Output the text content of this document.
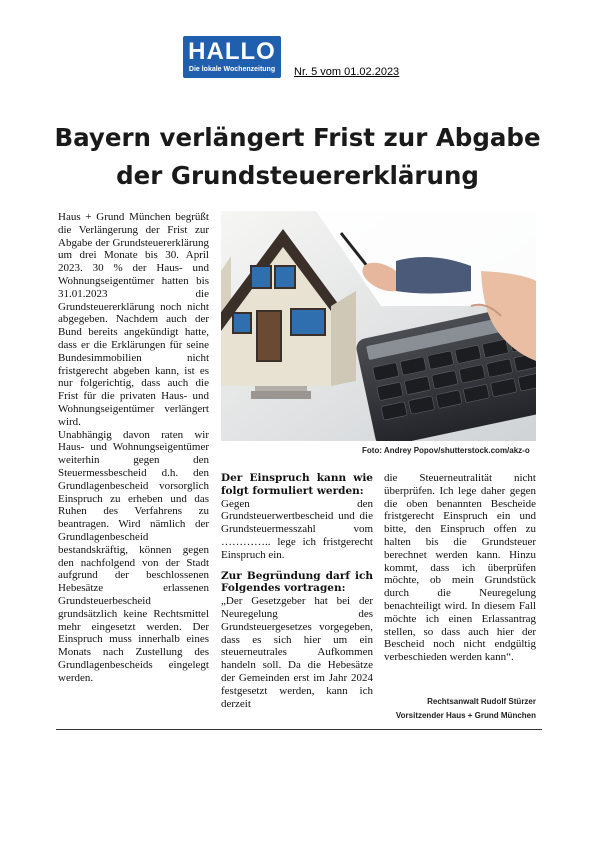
HALLO
Die lokale Wochenzeitung	Nr. 5 vom 01.02.2023
Bayern verlängert Frist zur Abgabe
der Grundsteuererklärung

Haus + Grund München begrüßt die Verlängerung der Frist zur Abgabe der Grundsteuererklärung um drei Monate bis 30. April 2023. 30 % der Haus- und Wohnungseigentümer hatten bis 31.01.2023 die Grundsteuererklärung noch nicht abgegeben. Nachdem auch der Bund bereits angekündigt hatte, dass er die Erklärungen für seine Bundesimmobilien nicht fristgerecht abgeben kann, ist es nur folgerichtig, dass auch die Frist für die privaten Haus- und Wohnungseigentümer verlängert wird.

Unabhängig davon raten wir Haus- und Wohnungseigentümer weiterhin gegen den Steuermessbescheid d.h. den Grundlagenbescheid vorsorglich Einspruch zu erheben und das Ruhen des Verfahrens zu beantragen. Wird nämlich der Grundlagenbescheid bestandskräftig, können gegen den nachfolgend von der Stadt aufgrund der beschlossenen Hebesätze erlassenen Grundsteuerbescheid grundsätzlich keine Rechtsmittel mehr eingesetzt werden. Der Einspruch muss innerhalb eines Monats nach Zustellung des Grundlagenbescheids eingelegt werden.

Foto: Andrey Popov/shutterstock.com/akz-o

Der Einspruch kann wie folgt formuliert werden:

Gegen den Grundsteuerwertbescheid und die Grundsteuermesszahl vom ………….. lege ich fristgerecht Einspruch ein.

Zur Begründung darf ich Folgendes vortragen:

„Der Gesetzgeber hat bei der Neuregelung des Grundsteuergesetzes vorgegeben, dass es sich hier um ein steuerneutrales Aufkommen handeln soll. Da die Hebesätze der Gemeinden erst im Jahr 2024 festgesetzt werden, kann ich derzeit

die Steuerneutralität nicht überprüfen. Ich lege daher gegen die oben benannten Bescheide fristgerecht Einspruch ein und bitte, den Einspruch offen zu halten bis die Grundsteuer berechnet werden kann. Hinzu kommt, dass ich überprüfen möchte, ob mein Grundstück durch die Neuregelung benachteiligt wird. In diesem Fall möchte ich einen Erlassantrag stellen, so dass auch hier der Bescheid noch nicht endgültig verbeschieden werden kann“.

Rechtsanwalt Rudolf Stürzer
Vorsitzender Haus + Grund München
